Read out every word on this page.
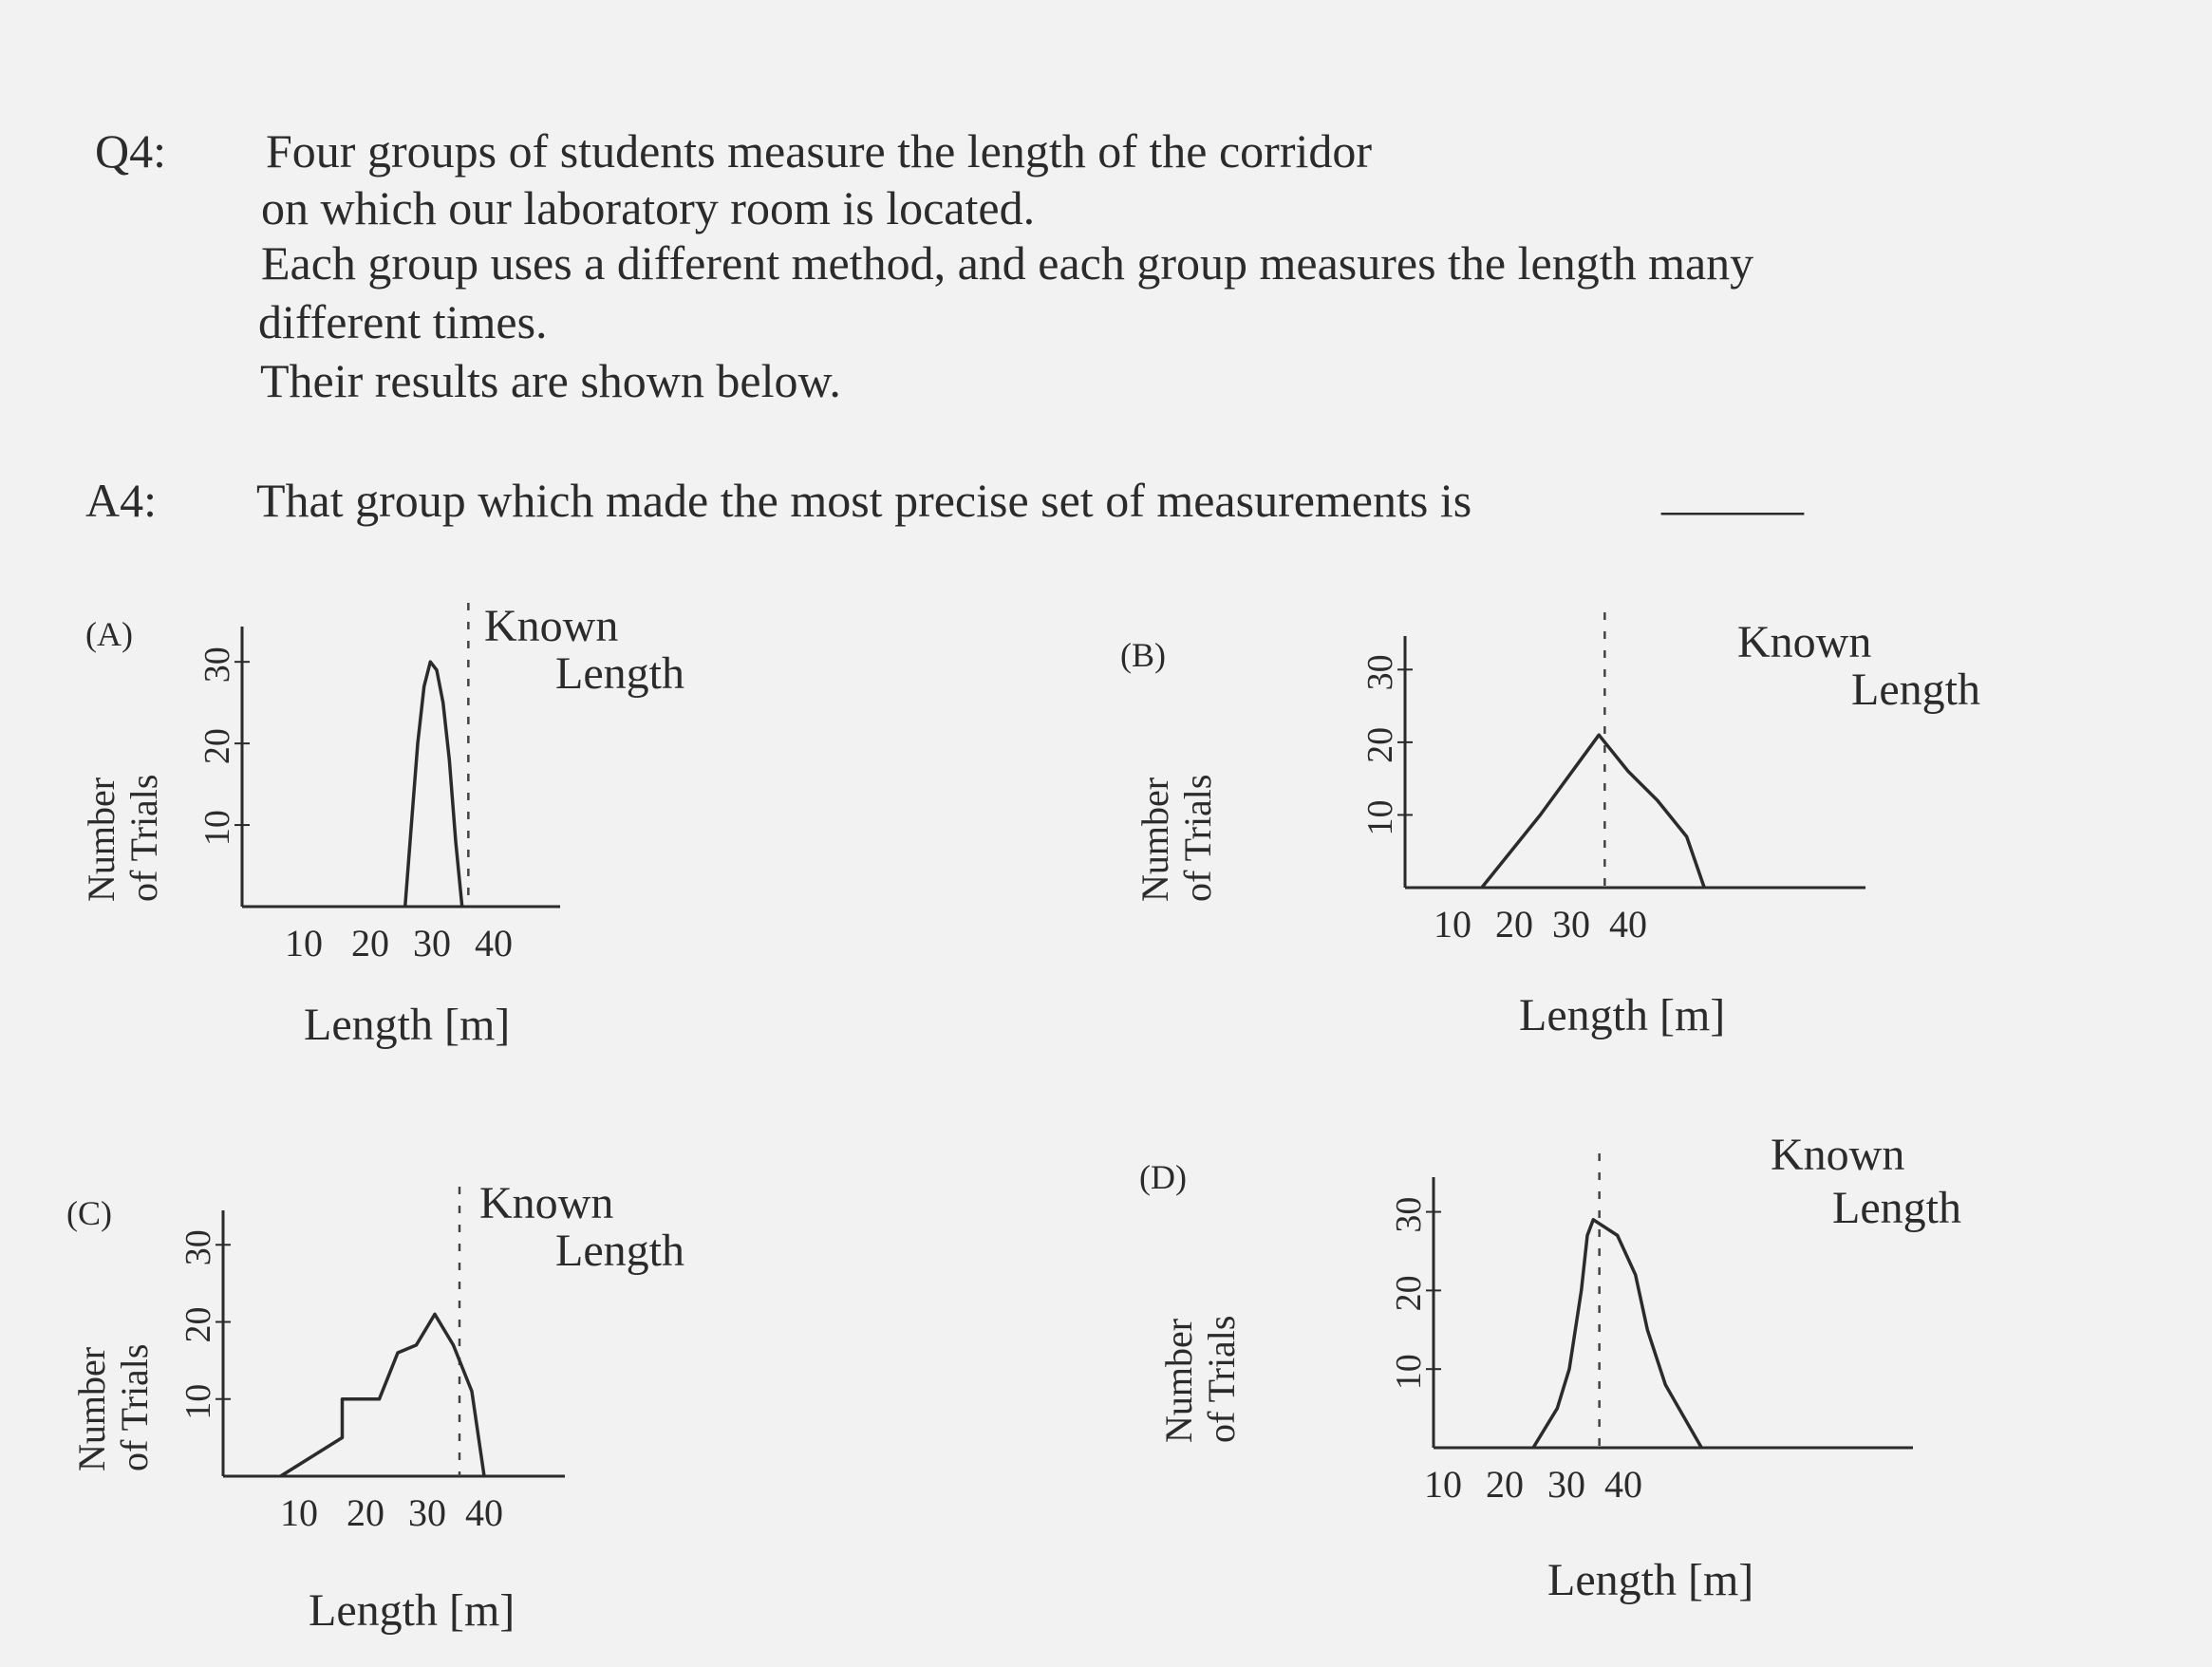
Q4: Four groups of students measure the length of the corridor
on which our laboratory room is located.
Each group uses a different method, and each group measures the length many
different times.
Their results are shown below.
A4: That group which made the most precise set of measurements is	______
(A)
Number of Trials 10
20
30
10 20 30 40
Length [m]
Known
Length	(B)
Number of Trials	10
20
30
10 20 30 40
Length [m]
Known
Length
(C)
Number of Trials 10
20
30
10 20 30 40
Length [m]
Known
Length
(D)
Number of Trials	10
20
30
10 20 30 40
Length [m]
Known
Length
